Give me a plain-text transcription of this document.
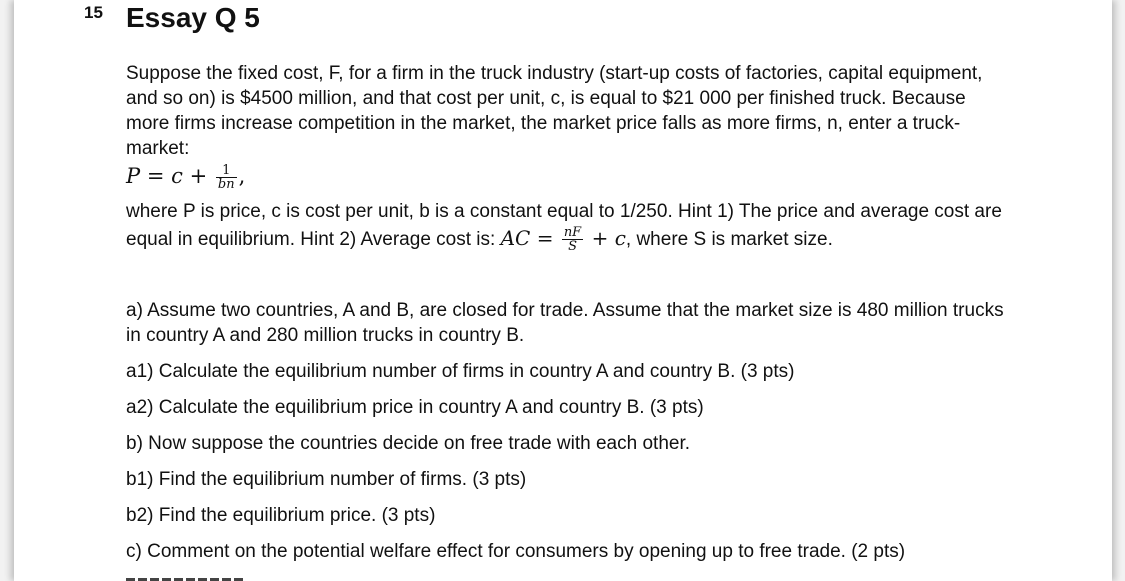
15 Essay Q 5

Suppose the fixed cost, F, for a firm in the truck industry (start-up costs of factories, capital equipment, and so on) is $4500 million, and that cost per unit, c, is equal to $21 000 per finished truck. Because more firms increase competition in the market, the market price falls as more firms, n, enter a truck-market:

$P = c + \frac{1}{bn}$ ,
where P is price, c is cost per unit, b is a constant equal to 1/250. Hint 1) The price and average cost are equal in equilibrium. Hint 2) Average cost is: AC = $\frac{nF}{S} + c$, where S is market size.
a) Assume two countries, A and B, are closed for trade. Assume that the market size is 480 million trucks in country A and 280 million trucks in country B.
a1) Calculate the equilibrium number of firms in country A and country B. (3 pts)
a2) Calculate the equilibrium price in country A and country B. (3 pts)
b) Now suppose the countries decide on free trade with each other.
b1) Find the equilibrium number of firms. (3 pts)
b2) Find the equilibrium price. (3 pts)
c) Comment on the potential welfare effect for consumers by opening up to free trade. (2 pts)
